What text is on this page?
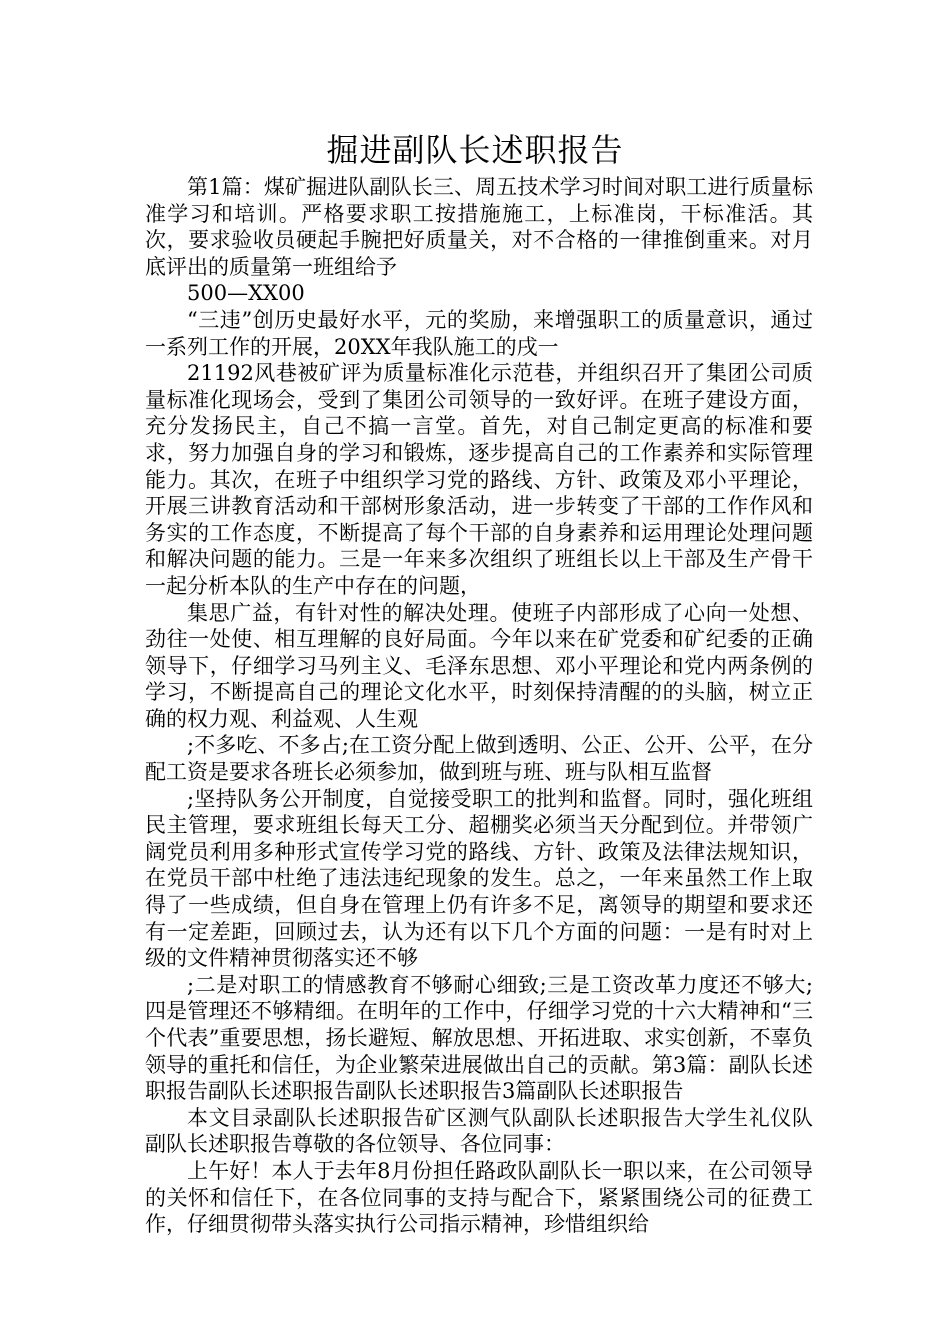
掘进副队长述职报告

第1篇：煤矿掘进队副队长三、周五技术学习时间对职工进行质量标准学习和培训。严格要求职工按措施施工，上标准岗，干标准活。其次，要求验收员硬起手腕把好质量关，对不合格的一律推倒重来。对月底评出的质量第一班组给予

500—XX00

“三违”创历史最好水平，元的奖励，来增强职工的质量意识，通过一系列工作的开展，20XX年我队施工的戌一

21192风巷被矿评为质量标准化示范巷，并组织召开了集团公司质量标准化现场会，受到了集团公司领导的一致好评。在班子建设方面，充分发扬民主，自己不搞一言堂。首先，对自己制定更高的标准和要求，努力加强自身的学习和锻炼，逐步提高自己的工作素养和实际管理能力。其次，在班子中组织学习党的路线、方针、政策及邓小平理论，开展三讲教育活动和干部树形象活动，进一步转变了干部的工作作风和务实的工作态度，不断提高了每个干部的自身素养和运用理论处理问题和解决问题的能力。三是一年来多次组织了班组长以上干部及生产骨干一起分析本队的生产中存在的问题，

集思广益，有针对性的解决处理。使班子内部形成了心向一处想、劲往一处使、相互理解的良好局面。今年以来在矿党委和矿纪委的正确领导下，仔细学习马列主义、毛泽东思想、邓小平理论和党内两条例的学习，不断提高自己的理论文化水平，时刻保持清醒的的头脑，树立正确的权力观、利益观、人生观

;不多吃、不多占;在工资分配上做到透明、公正、公开、公平，在分配工资是要求各班长必须参加，做到班与班、班与队相互监督

;坚持队务公开制度，自觉接受职工的批判和监督。同时，强化班组民主管理，要求班组长每天工分、超棚奖必须当天分配到位。并带领广阔党员利用多种形式宣传学习党的路线、方针、政策及法律法规知识，在党员干部中杜绝了违法违纪现象的发生。总之，一年来虽然工作上取得了一些成绩，但自身在管理上仍有许多不足，离领导的期望和要求还有一定差距，回顾过去，认为还有以下几个方面的问题：一是有时对上级的文件精神贯彻落实还不够

;二是对职工的情感教育不够耐心细致;三是工资改革力度还不够大;四是管理还不够精细。在明年的工作中，仔细学习党的十六大精神和“三个代表”重要思想，扬长避短、解放思想、开拓进取、求实创新，不辜负领导的重托和信任，为企业繁荣进展做出自己的贡献。第3篇：副队长述职报告副队长述职报告副队长述职报告3篇副队长述职报告

本文目录副队长述职报告矿区测气队副队长述职报告大学生礼仪队副队长述职报告尊敬的各位领导、各位同事：

上午好！本人于去年8月份担任路政队副队长一职以来，在公司领导的关怀和信任下，在各位同事的支持与配合下，紧紧围绕公司的征费工作，仔细贯彻带头落实执行公司指示精神，珍惜组织给
